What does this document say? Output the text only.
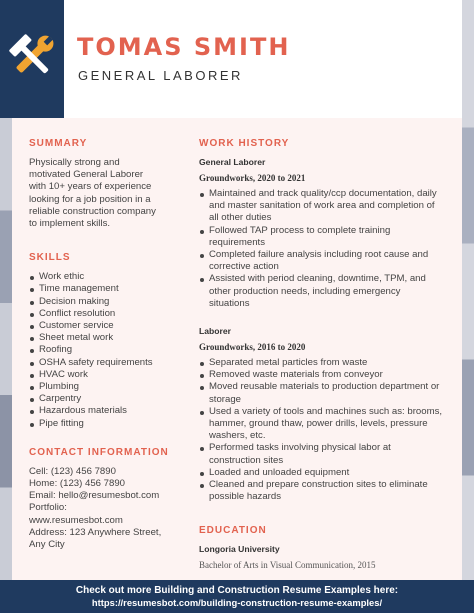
TOMAS SMITH
GENERAL LABORER
SUMMARY
Physically strong and
motivated General Laborer
with 10+ years of experience
looking for a job position in a
reliable construction company
to implement skills.
SKILLS
Work ethic
Time management
Decision making
Conflict resolution
Customer service
Sheet metal work
Roofing
OSHA safety requirements
HVAC work
Plumbing
Carpentry
Hazardous materials
Pipe fitting
CONTACT INFORMATION

Cell: (123) 456 7890

Home: (123) 456 7890

Email: hello@resumesbot.com

Portfolio:

www.resumesbot.com

Address: 123 Anywhere Street,

Any City

WORK HISTORY
General Laborer
Groundworks, 2020 to 2021
Maintained and track quality/ccp documentation, daily
and master sanitation of work area and completion of
all other duties
Followed TAP process to complete training
requirements
Completed failure analysis including root cause and
corrective action
Assisted with period cleaning, downtime, TPM, and
other production needs, including emergency
situations
Laborer
Groundworks, 2016 to 2020
Separated metal particles from waste
Removed waste materials from conveyor
Moved reusable materials to production department or
storage
Used a variety of tools and machines such as: brooms,
hammer, ground thaw, power drills, levels, pressure
washers, etc.
Performed tasks involving physical labor at
construction sites
Loaded and unloaded equipment
Cleaned and prepare construction sites to eliminate
possible hazards
EDUCATION
Longoria University
Bachelor of Arts in Visual Communication, 2015
Check out more Building and Construction Resume Examples here:
https://resumesbot.com/building-construction-resume-examples/
